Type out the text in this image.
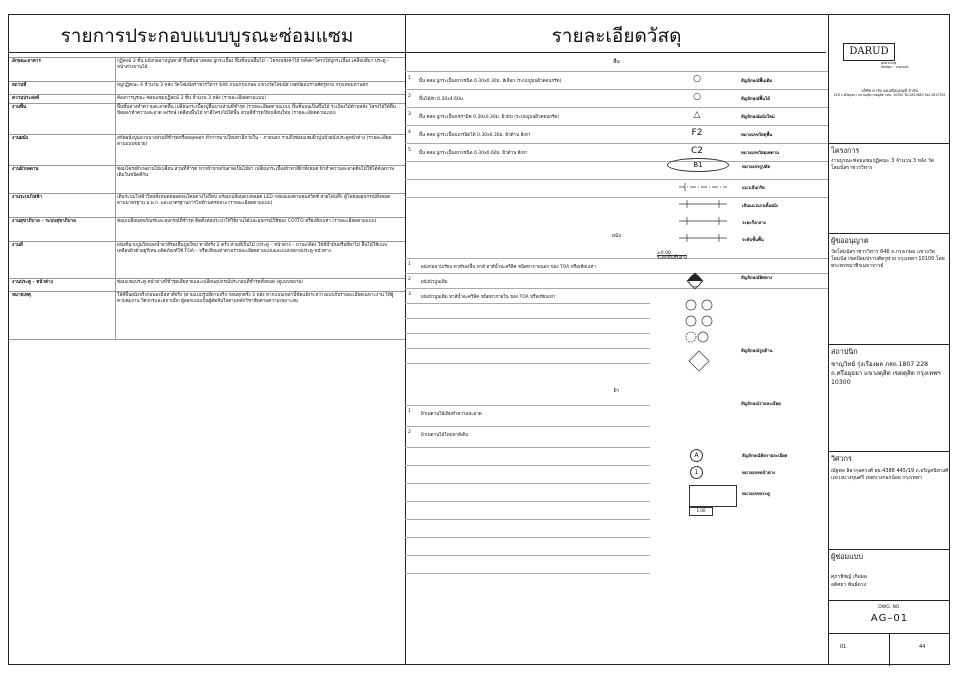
รายการประกอบแบบบูรณะซ่อมแซม	รายละเอียดวัสดุ
ลักษณะอาคาร	กุฏิสงฆ์ 3 ชั้น ผนังก่อฉาบปูนทาสี พื้นชั้นล่างคสล.ปูกระเบื้อง พื้นชั้นบนพื้นไม้ – โครงหลังคาไม้ หลังคาโครงไม้ปูกระเบื้อง เคลือบสีมา ประตู – หน้าต่างบานไม้
สถานที่	หมู่กุฏิคณะ 6 จำนวน 3 หลัง วัดโสมนัสราชวรวิหาร 646 ถนนกรุงเกษม แขวงวัดโสมนัส เขตป้อมปราบศัตรูพ่าย กรุงเทพมหานคร
ความประสงค์	ต้องการบูรณะ-ซ่อมแซมกุฏิสงฆ์ 3 ชั้น จำนวน 3 หลัง (รายละเอียดตามแบบ)
งานพื้น	พื้นชั้นล่างทำความสะอาดพื้น เปลี่ยนกระเบื้องปูพื้นบางส่วนที่ชำรุด (รายละเอียดตามแบบ) พื้นชั้นบนเป็นพื้นไม้ ระเบียงไม้ด้านหลัง โครงไม้ใต้พื้น ขัดผลาทำความสะอาด ลงรักษ์ เคลือบพื้นไม้ ทาสีโครงไม้ใต้พื้น ส่วนที่ชำรุดให้เปลี่ยนใหม่ (รายละเอียดตามแบบ)
งานผนัง	สกัดผนังปูนฉาบบางส่วนที่ชำรุดหรือหลุดลอก ทำการฉาบใหม่ทาสีภายใน – ภายนอก รวมถึงซ่อมแซมผิวปูนบัวผนังประตูหน้าต่าง (รายละเอียดตามแบบขยาย)
งานฝ้าเพดาน	ซ่อมโครงฝ้าเพดานไม้เปลี่ยน ส่วนที่ชำรุด หากฝ้าชายกันสาดเป็นไม้ฝา เปลี่ยนกระเบื้องฝ้าทาสีฝ้าทั้งหมด ฝ้าทำความสะอาดดิบไม้ให้ได้ดังสภาพเดิมในชนิดดีกัน
งานระบบไฟฟ้า	เดินระบบไฟฟ้าใหม่ทั้งหมดตลอดจนโคมดวงไฟใหม่ พร้อมเปลี่ยนดวงหลอด LED กล่องแผงควบคุมสวิตช์ สายไฟปลั๊ก ตู้ไฟย่อยอุปกรณ์ทั้งหมด ตามมาตรฐาน ม.ผ.ก. และมาตรฐานการไฟฟ้านครหลวง (รายละเอียดตามแบบ)
งานสุขาภิบาล – ระบบสุขาภิบาล	ซ่อมเปลี่ยนสุขภัณฑ์และอุปกรณ์ที่ชำรุด ติดตั้งท่อประปาให้ใช้งานได้และอุปกรณ์ใช้ของ COTTO หรือเทียบเท่า (รายละเอียดตามแบบ)
งานสี	ผนังที่ฉาบปูนใหม่ลงน้ำยาสีรองพื้นปูนใหม่ ทาสีจริง 2 ครั้ง ส่วนที่เป็นไม้ (ประตู – หน้าต่าง – บานเกล็ด) ให้สีน้ำมันหรือสีทาไม้ พื้นไม้ใช้แบบ เคลือบผิวด้วยยูรีเทน ผลิตภัณฑ์ใช้ TOA – หรือเทียบเท่าตามรายละเอียดตามแบบและแบบขยายประตู-หน้าต่าง
งานประตู – หน้าต่าง	ซ่อมแซมประตู-หน้าต่างที่ชำรุดเสียหายและเปลี่ยนอุปกรณ์ประกอบที่ชำรุดทั้งหมด (ดูแบบขยาย)
หมายเหตุ	ให้สีพื้นผนังจริงก่อนลงมือทาสีจริง (ตามแบบรูปสีตามจริง ก่อนทุกครั้ง 3 หลัง หากแบบเหล่านี้ขัดแย้งระหว่างแบบกับรายละเอียดเฉพาะงาน ให้ผู้ควบคุมงาน วิศวกรและสถาปนิก ผู้ออกแบบเป็นผู้ตัดสินใจตามหลักวิชาชีพตามความเหมาะสม
พื้น
1
พื้น คสล.ปูกระเบื้องยางชนิด 0.30x0.30ม. สีเลือก (ระบบปูบนผิวคอนกรีต)	○	สัญลักษณ์พื้นเดิม
2
พื้นไม้สัก 0.30x4.60ม.	○	สัญลักษณ์พื้นไม้
3
พื้น คสล.ปูกระเบื้องเซรามิค 0.30x0.30ม. ผิวมัน (ระบบปูบนผิวคอนกรีต)	△	สัญลักษณ์ผนังใหม่
4
พื้น คสล.ปูกระเบื้องแกรนิตโต้ 0.30x0.30ม. ผิวด้าน สีเทา	F2	หมายเลขวัสดุพื้น
5
พื้น คสล.ปูกระเบื้องยางชนิด 0.30x0.60ม. ผิวด้าน สีเทา	C2	หมายเลขวัสดุเพดาน
ผนัง
1
ผนังก่อฉาบเรียบ ทาสีรองพื้น ทาสี ทาสีน้ำอะคริลิค ชนิดทาภายนอก ของ TOA หรือเทียบเท่า
2
ผนังบัวปูนเดิม
3
ผนังบัวปูนเดิม ทาสีน้ำอะคริลิค ชนิดทาภายใน ของ TOA หรือเทียบเท่า
ฝ้า
1
ฝ้าเพดานไม้เดิมทำความสะอาด
2
ฝ้าเพดานไม้ใหม่ทาสีเดิม
B1	หมายเลขรูปตัด
แนวเส้นกริด
เส้นแนวแกนตั้งผนัง
ระยะกึ่งกลาง
ระดับชั้นพื้น
±0.00
ระดับพื้นชั้นล่าง
สัญลักษณ์ทิศทาง
สัญลักษณ์รูปด้าน
สัญลักษณ์รายละเอียด
A	สัญลักษณ์ตัดรายละเอียด
1	หมายเลขหน้าต่าง
หมายเลขประตู
1.00
DARUD
planning · design · consult
บริษัท ดารัด คอนซัลแทนซ์ จำกัด
228 ถ.ศรีอยุธยา แขวงดุสิต เขตดุสิต กทม. 10300 Tel.2813683 Fax.2813705
โครงการ
งานบูรณะซ่อมแซมกุฏิคณะ 3 จำนวน 3 หลัง วัดโสมนัสราชวรวิหาร
ผู้ขออนุญาต
วัดโสมนัสราชวรวิหาร 646 ถ.กรุงเกษม แขวงวัดโสมนัส เขตป้อมปราบศัตรูพ่าย กรุงเทพฯ 10100 โดย พระพรหมวชิรเมธาจารย์
สถาปนิก
ชาญวิทย์ รุ่งเรืองผล ภสถ.1807 228 ถ.ศรีอยุธยา แขวงดุสิต เขตดุสิต กรุงเทพฯ 10300
วิศวกร
ณัฐพล ลิลากุลศวงศ์ สย.4388 445/19 ถ.จรัญสนิทวงศ์ แขวงบางขุนศรี เขตบางกอกน้อย กรุงเทพฯ
ผู้ช่อมแบบ
ศุภาพิชญ์ เกิดผล
อดิศยา พันธ์ดวง
DWG. NO.
AG–01
01	44
